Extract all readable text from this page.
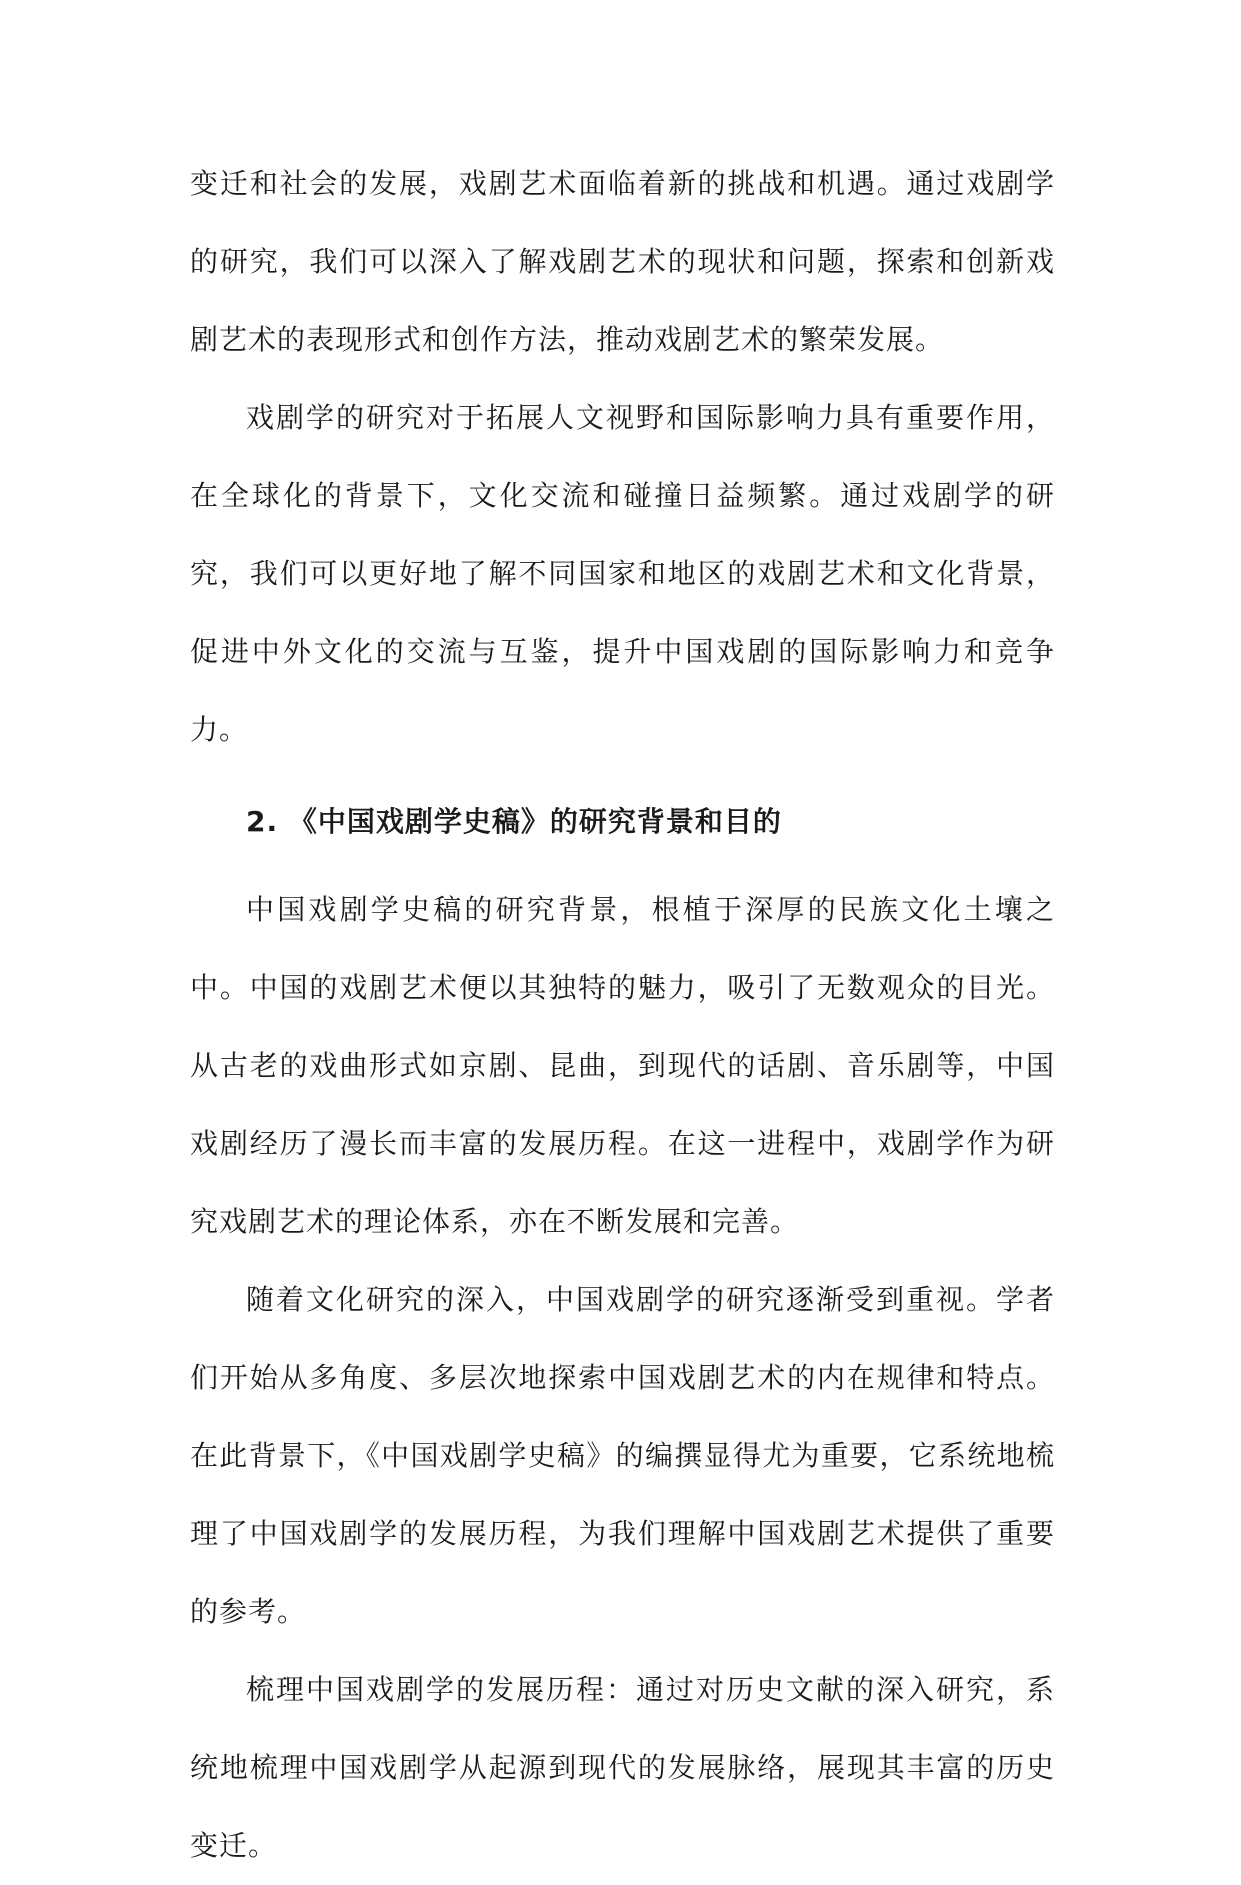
变迁和社会的发展，戏剧艺术面临着新的挑战和机遇。通过戏剧学的研究，我们可以深入了解戏剧艺术的现状和问题，探索和创新戏剧艺术的表现形式和创作方法，推动戏剧艺术的繁荣发展。

戏剧学的研究对于拓展人文视野和国际影响力具有重要作用，在全球化的背景下，文化交流和碰撞日益频繁。通过戏剧学的研究，我们可以更好地了解不同国家和地区的戏剧艺术和文化背景，促进中外文化的交流与互鉴，提升中国戏剧的国际影响力和竞争力。

2. 《中国戏剧学史稿》的研究背景和目的

中国戏剧学史稿的研究背景，根植于深厚的民族文化土壤之中。中国的戏剧艺术便以其独特的魅力，吸引了无数观众的目光。从古老的戏曲形式如京剧、昆曲，到现代的话剧、音乐剧等，中国戏剧经历了漫长而丰富的发展历程。在这一进程中，戏剧学作为研究戏剧艺术的理论体系，亦在不断发展和完善。

随着文化研究的深入，中国戏剧学的研究逐渐受到重视。学者们开始从多角度、多层次地探索中国戏剧艺术的内在规律和特点。在此背景下，《中国戏剧学史稿》的编撰显得尤为重要，它系统地梳理了中国戏剧学的发展历程，为我们理解中国戏剧艺术提供了重要的参考。

梳理中国戏剧学的发展历程：通过对历史文献的深入研究，系统地梳理中国戏剧学从起源到现代的发展脉络，展现其丰富的历史变迁。
